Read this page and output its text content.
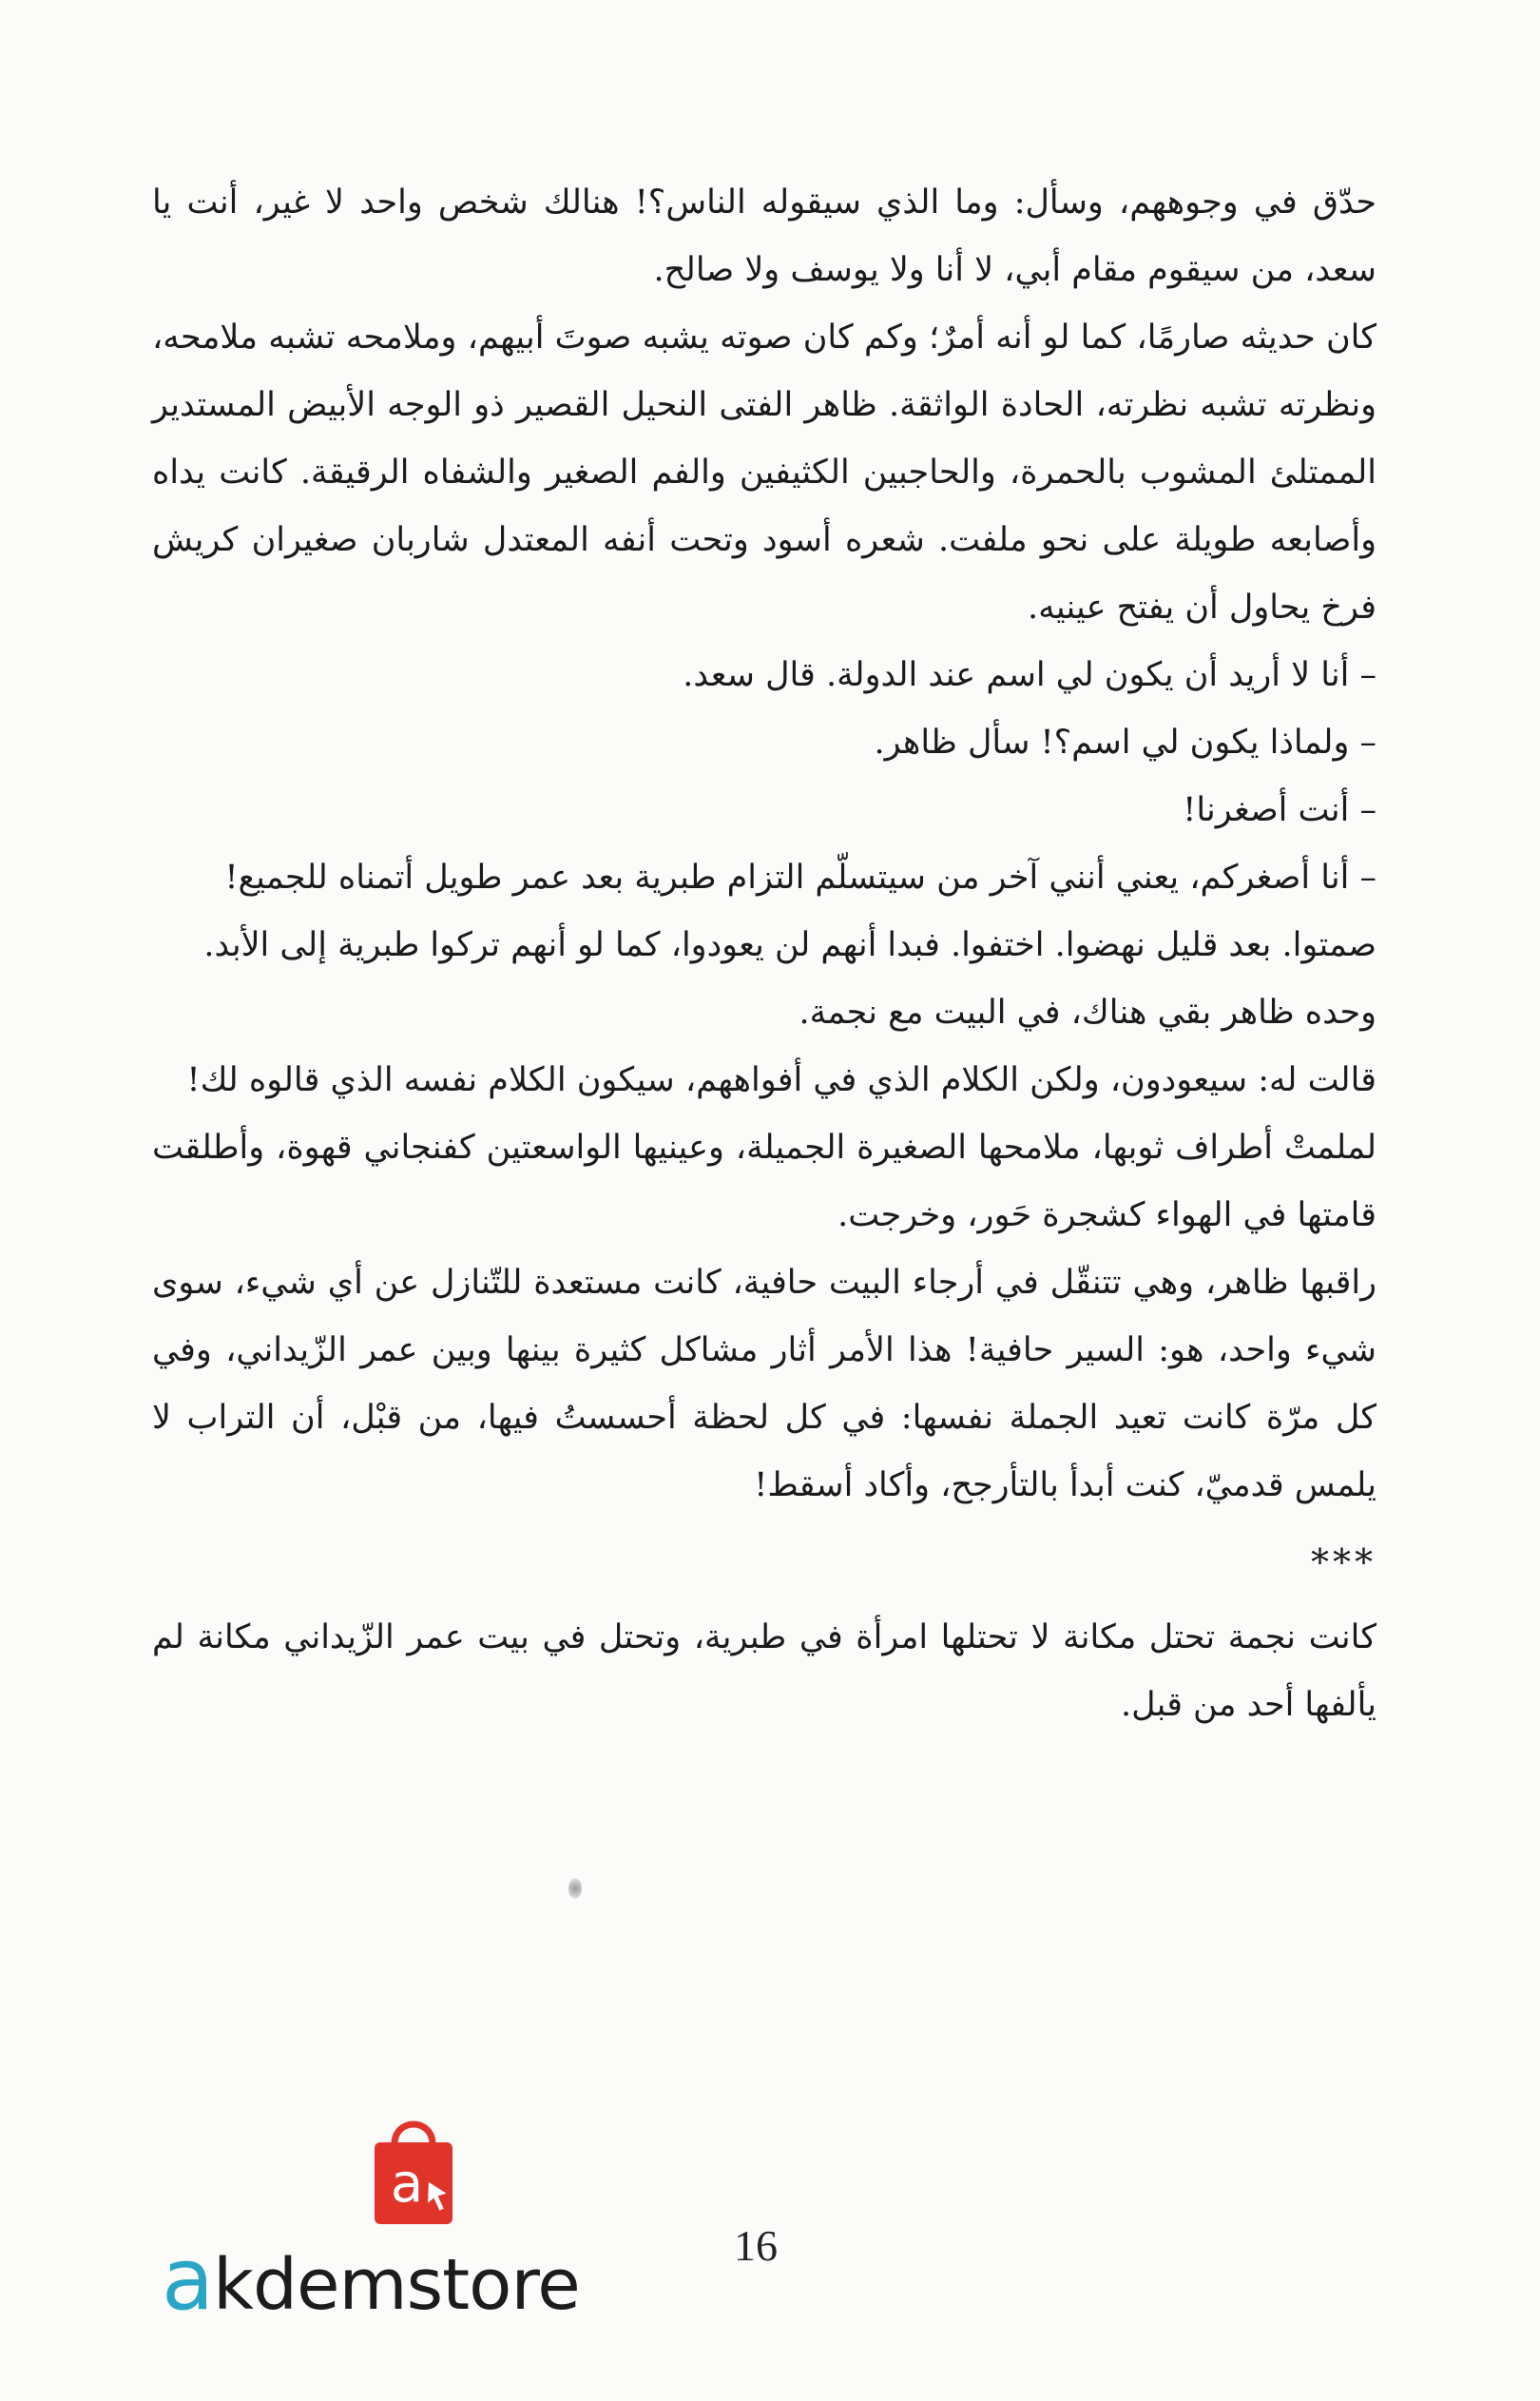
حدّق في وجوههم، وسأل: وما الذي سيقوله الناس؟! هنالك شخص واحد لا غير، أنت يا سعد، من سيقوم مقام أبي، لا أنا ولا يوسف ولا صالح.

كان حديثه صارمًا، كما لو أنه أمرٌ؛ وكم كان صوته يشبه صوتَ أبيهم، وملامحه تشبه ملامحه، ونظرته تشبه نظرته، الحادة الواثقة. ظاهر الفتى النحيل القصير ذو الوجه الأبيض المستدير الممتلئ المشوب بالحمرة، والحاجبين الكثيفين والفم الصغير والشفاه الرقيقة. كانت يداه وأصابعه طويلة على نحو ملفت. شعره أسود وتحت أنفه المعتدل شاربان صغيران كريش فرخ يحاول أن يفتح عينيه.

– أنا لا أريد أن يكون لي اسم عند الدولة. قال سعد.

– ولماذا يكون لي اسم؟! سأل ظاهر.

– أنت أصغرنا!

– أنا أصغركم، يعني أنني آخر من سيتسلّم التزام طبرية بعد عمر طويل أتمناه للجميع!

صمتوا. بعد قليل نهضوا. اختفوا. فبدا أنهم لن يعودوا، كما لو أنهم تركوا طبرية إلى الأبد.

وحده ظاهر بقي هناك، في البيت مع نجمة.

قالت له: سيعودون، ولكن الكلام الذي في أفواههم، سيكون الكلام نفسه الذي قالوه لك!

لملمتْ أطراف ثوبها، ملامحها الصغيرة الجميلة، وعينيها الواسعتين كفنجاني قهوة، وأطلقت قامتها في الهواء كشجرة حَور، وخرجت.

راقبها ظاهر، وهي تتنقّل في أرجاء البيت حافية، كانت مستعدة للتّنازل عن أي شيء، سوى شيء واحد، هو: السير حافية! هذا الأمر أثار مشاكل كثيرة بينها وبين عمر الزّيداني، وفي كل مرّة كانت تعيد الجملة نفسها: في كل لحظة أحسستُ فيها، من قبْل، أن التراب لا يلمس قدميّ، كنت أبدأ بالتأرجح، وأكاد أسقط!

***

كانت نجمة تحتل مكانة لا تحتلها امرأة في طبرية، وتحتل في بيت عمر الزّيداني مكانة لم يألفها أحد من قبل.

a
akdemstore	16
